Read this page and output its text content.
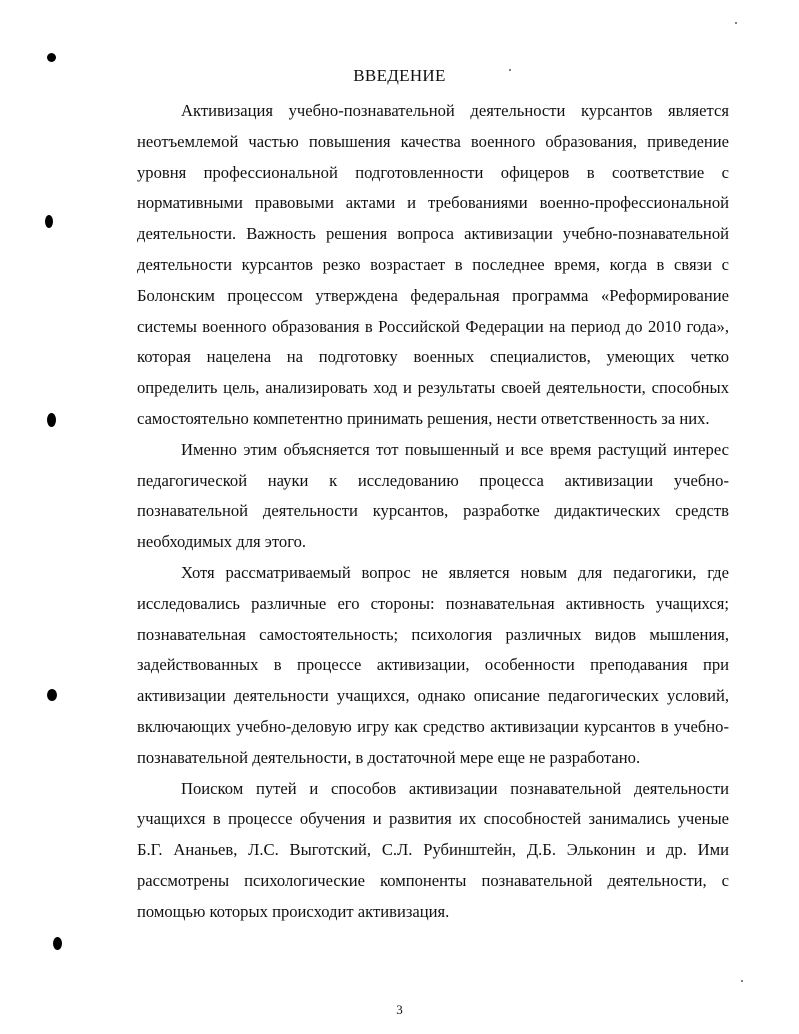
ВВЕДЕНИЕ

Активизация учебно-познавательной деятельности курсантов является неотъемлемой частью повышения качества военного образования, приведение уровня профессиональной подготовленности офицеров в соответствие с нормативными правовыми актами и требованиями военно-профессиональной деятельности. Важность решения вопроса активизации учебно-познавательной деятельности курсантов резко возрастает в последнее время, когда в связи с Болонским процессом утверждена федеральная программа «Реформирование системы военного образования в Российской Федерации на период до 2010 года», которая нацелена на подготовку военных специалистов, умеющих четко определить цель, анализировать ход и результаты своей деятельности, способных самостоятельно компетентно принимать решения, нести ответственность за них.

Именно этим объясняется тот повышенный и все время растущий интерес педагогической науки к исследованию процесса активизации учебно-познавательной деятельности курсантов, разработке дидактических средств необходимых для этого.

Хотя рассматриваемый вопрос не является новым для педагогики, где исследовались различные его стороны: познавательная активность учащихся; познавательная самостоятельность; психология различных видов мышления, задействованных в процессе активизации, особенности преподавания при активизации деятельности учащихся, однако описание педагогических условий, включающих учебно-деловую игру как средство активизации курсантов в учебно-познавательной деятельности, в достаточной мере еще не разработано.

Поиском путей и способов активизации познавательной деятельности учащихся в процессе обучения и развития их способностей занимались ученые Б.Г. Ананьев, Л.С. Выготский, С.Л. Рубинштейн, Д.Б. Эльконин и др. Ими рассмотрены психологические компоненты познавательной деятельности, с помощью которых происходит активизация.

3
